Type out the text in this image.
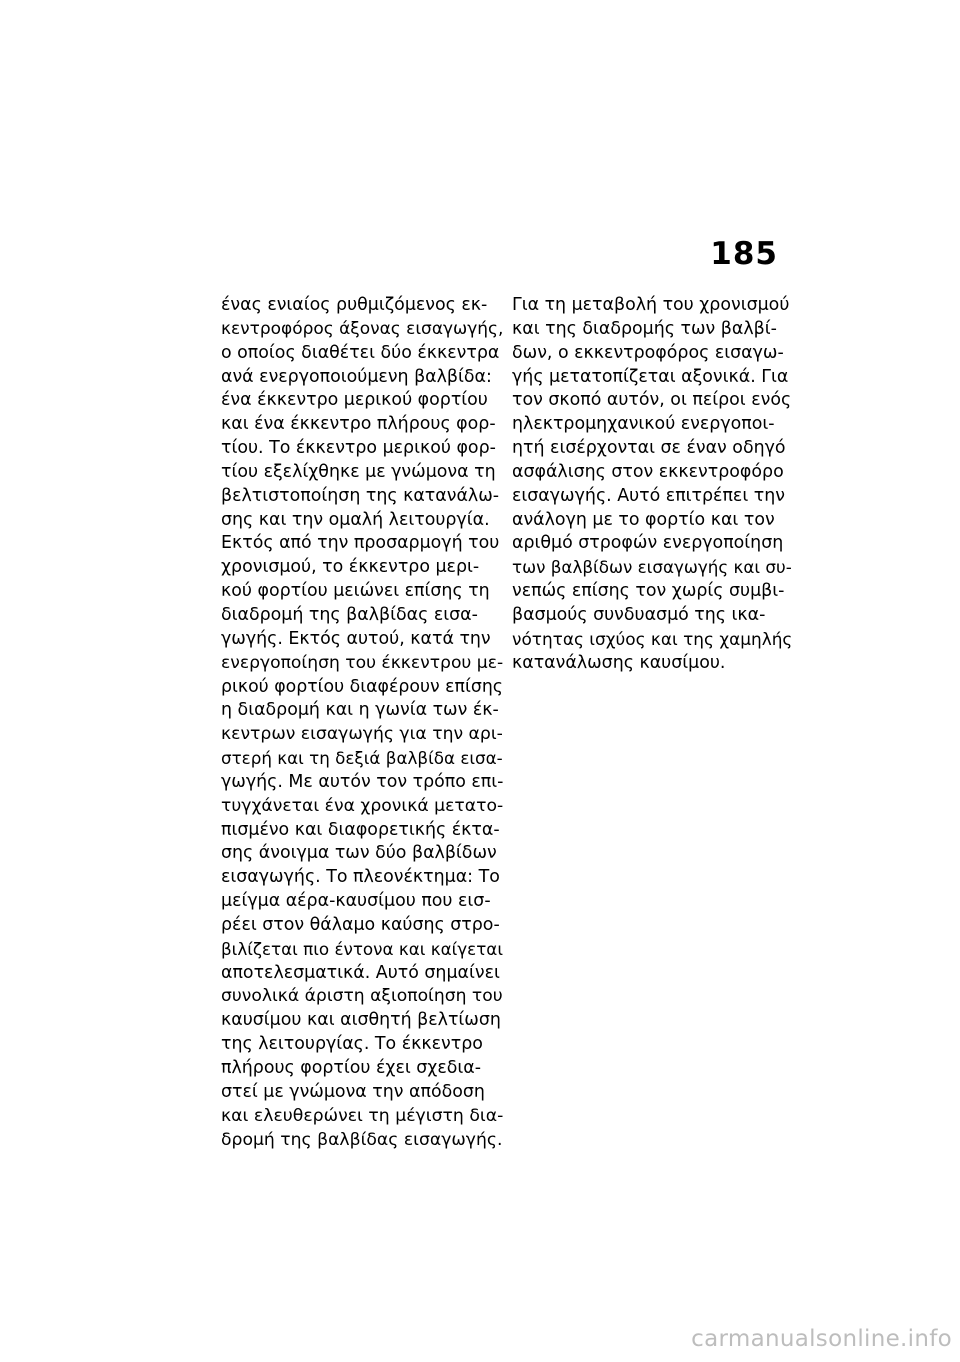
185
ένας ενιαίος ρυθμιζόμενος εκ-
κεντροφόρος άξονας εισαγωγής,
ο οποίος διαθέτει δύο έκκεντρα
ανά ενεργοποιούμενη βαλβίδα:
ένα έκκεντρο μερικού φορτίου
και ένα έκκεντρο πλήρους φορ-
τίου. Το έκκεντρο μερικού φορ-
τίου εξελίχθηκε με γνώμονα τη
βελτιστοποίηση της κατανάλω-
σης και την ομαλή λειτουργία.
Εκτός από την προσαρμογή του
χρονισμού, το έκκεντρο μερι-
κού φορτίου μειώνει επίσης τη
διαδρομή της βαλβίδας εισα-
γωγής. Εκτός αυτού, κατά την
ενεργοποίηση του έκκεντρου με-
ρικού φορτίου διαφέρουν επίσης
η διαδρομή και η γωνία των έκ-
κεντρων εισαγωγής για την αρι-
στερή και τη δεξιά βαλβίδα εισα-
γωγής. Με αυτόν τον τρόπο επι-
τυγχάνεται ένα χρονικά μετατο-
πισμένο και διαφορετικής έκτα-
σης άνοιγμα των δύο βαλβίδων
εισαγωγής. Το πλεονέκτημα: Το
μείγμα αέρα-καυσίμου που εισ-
ρέει στον θάλαμο καύσης στρο-
βιλίζεται πιο έντονα και καίγεται
αποτελεσματικά. Αυτό σημαίνει
συνολικά άριστη αξιοποίηση του
καυσίμου και αισθητή βελτίωση
της λειτουργίας. Το έκκεντρο
πλήρους φορτίου έχει σχεδια-
στεί με γνώμονα την απόδοση
και ελευθερώνει τη μέγιστη δια-
δρομή της βαλβίδας εισαγωγής.
Για τη μεταβολή του χρονισμού
και της διαδρομής των βαλβί-
δων, ο εκκεντροφόρος εισαγω-
γής μετατοπίζεται αξονικά. Για
τον σκοπό αυτόν, οι πείροι ενός
ηλεκτρομηχανικού ενεργοποι-
ητή εισέρχονται σε έναν οδηγό
ασφάλισης στον εκκεντροφόρο
εισαγωγής. Αυτό επιτρέπει την
ανάλογη με το φορτίο και τον
αριθμό στροφών ενεργοποίηση
των βαλβίδων εισαγωγής και συ-
νεπώς επίσης τον χωρίς συμβι-
βασμούς συνδυασμό της ικα-
νότητας ισχύος και της χαμηλής
κατανάλωσης καυσίμου.
carmanualsonline.info
